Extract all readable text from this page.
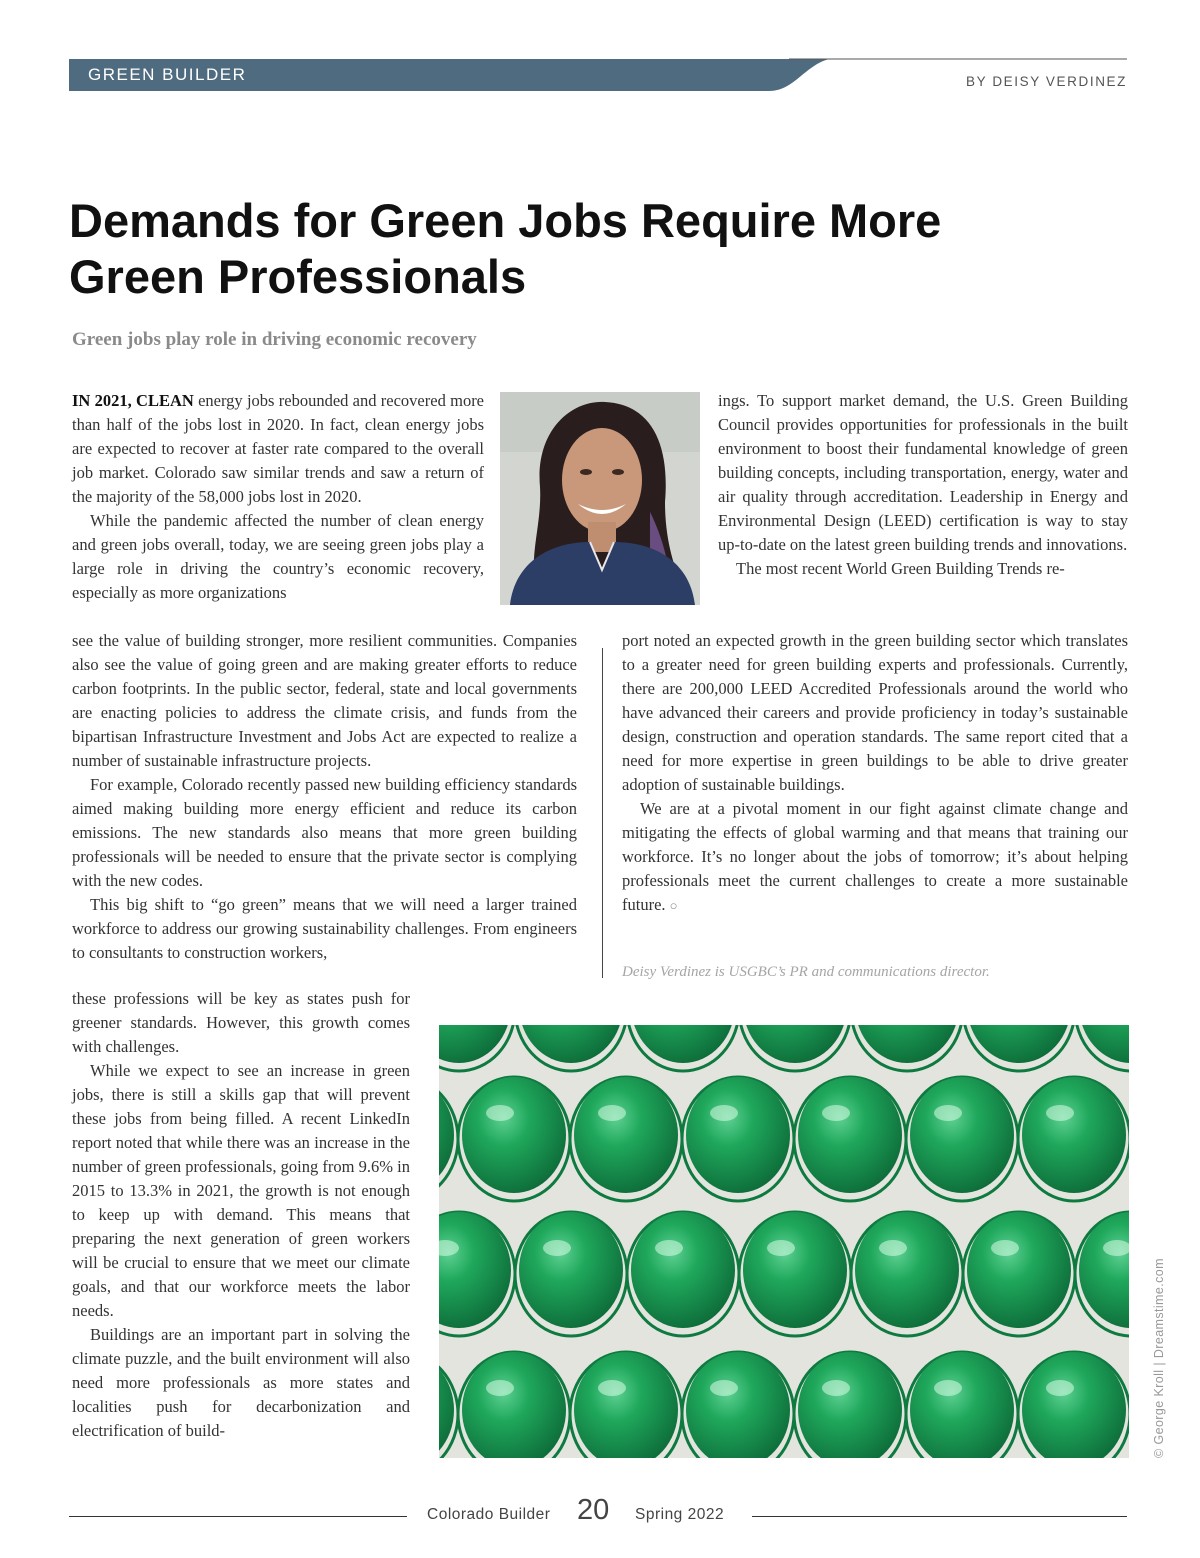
GREEN BUILDER	BY DEISY VERDINEZ
Demands for Green Jobs Require More
Green Professionals
Green jobs play role in driving economic recovery

IN 2021, CLEAN energy jobs rebounded and recovered more than half of the jobs lost in 2020. In fact, clean energy jobs are expected to recover at faster rate compared to the overall job market. Colorado saw similar trends and saw a return of the majority of the 58,000 jobs lost in 2020.

While the pandemic affected the number of clean energy and green jobs overall, today, we are seeing green jobs play a large role in driving the country’s economic recovery, especially as more organizations

see the value of building stronger, more resilient communities. Companies also see the value of going green and are making greater efforts to reduce carbon footprints. In the public sector, federal, state and local governments are enacting policies to address the climate crisis, and funds from the bipartisan Infrastructure Investment and Jobs Act are expected to realize a number of sustainable infrastructure projects.

For example, Colorado recently passed new building efficiency standards aimed making building more energy efficient and reduce its carbon emissions. The new standards also means that more green building professionals will be needed to ensure that the private sector is complying with the new codes.

This big shift to “go green” means that we will need a larger trained workforce to address our growing sustainability challenges. From engineers to consultants to construction workers,

these professions will be key as states push for greener standards. However, this growth comes with challenges.

While we expect to see an increase in green jobs, there is still a skills gap that will prevent these jobs from being filled. A recent LinkedIn report noted that while there was an increase in the number of green professionals, going from 9.6% in 2015 to 13.3% in 2021, the growth is not enough to keep up with demand. This means that preparing the next generation of green workers will be crucial to ensure that we meet our climate goals, and that our workforce meets the labor needs.

Buildings are an important part in solving the climate puzzle, and the built environment will also need more professionals as more states and localities push for decarbonization and electrification of build-

ings. To support market demand, the U.S. Green Building Council provides opportunities for professionals in the built environment to boost their fundamental knowledge of green building concepts, including transportation, energy, water and air quality through accreditation. Leadership in Energy and Environmental Design (LEED) certification is way to stay up-to-date on the latest green building trends and innovations.

The most recent World Green Building Trends re-

port noted an expected growth in the green building sector which translates to a greater need for green building experts and professionals. Currently, there are 200,000 LEED Accredited Professionals around the world who have advanced their careers and provide proficiency in today’s sustainable design, construction and operation standards. The same report cited that a need for more expertise in green buildings to be able to drive greater adoption of sustainable buildings.

We are at a pivotal moment in our fight against climate change and mitigating the effects of global warming and that means that training our workforce. It’s no longer about the jobs of tomorrow; it’s about helping professionals meet the current challenges to create a more sustainable future. ○

Deisy Verdinez is USGBC’s PR and communications director.
© George Kroll | Dreamstime.com
Colorado Builder 20 Spring 2022
